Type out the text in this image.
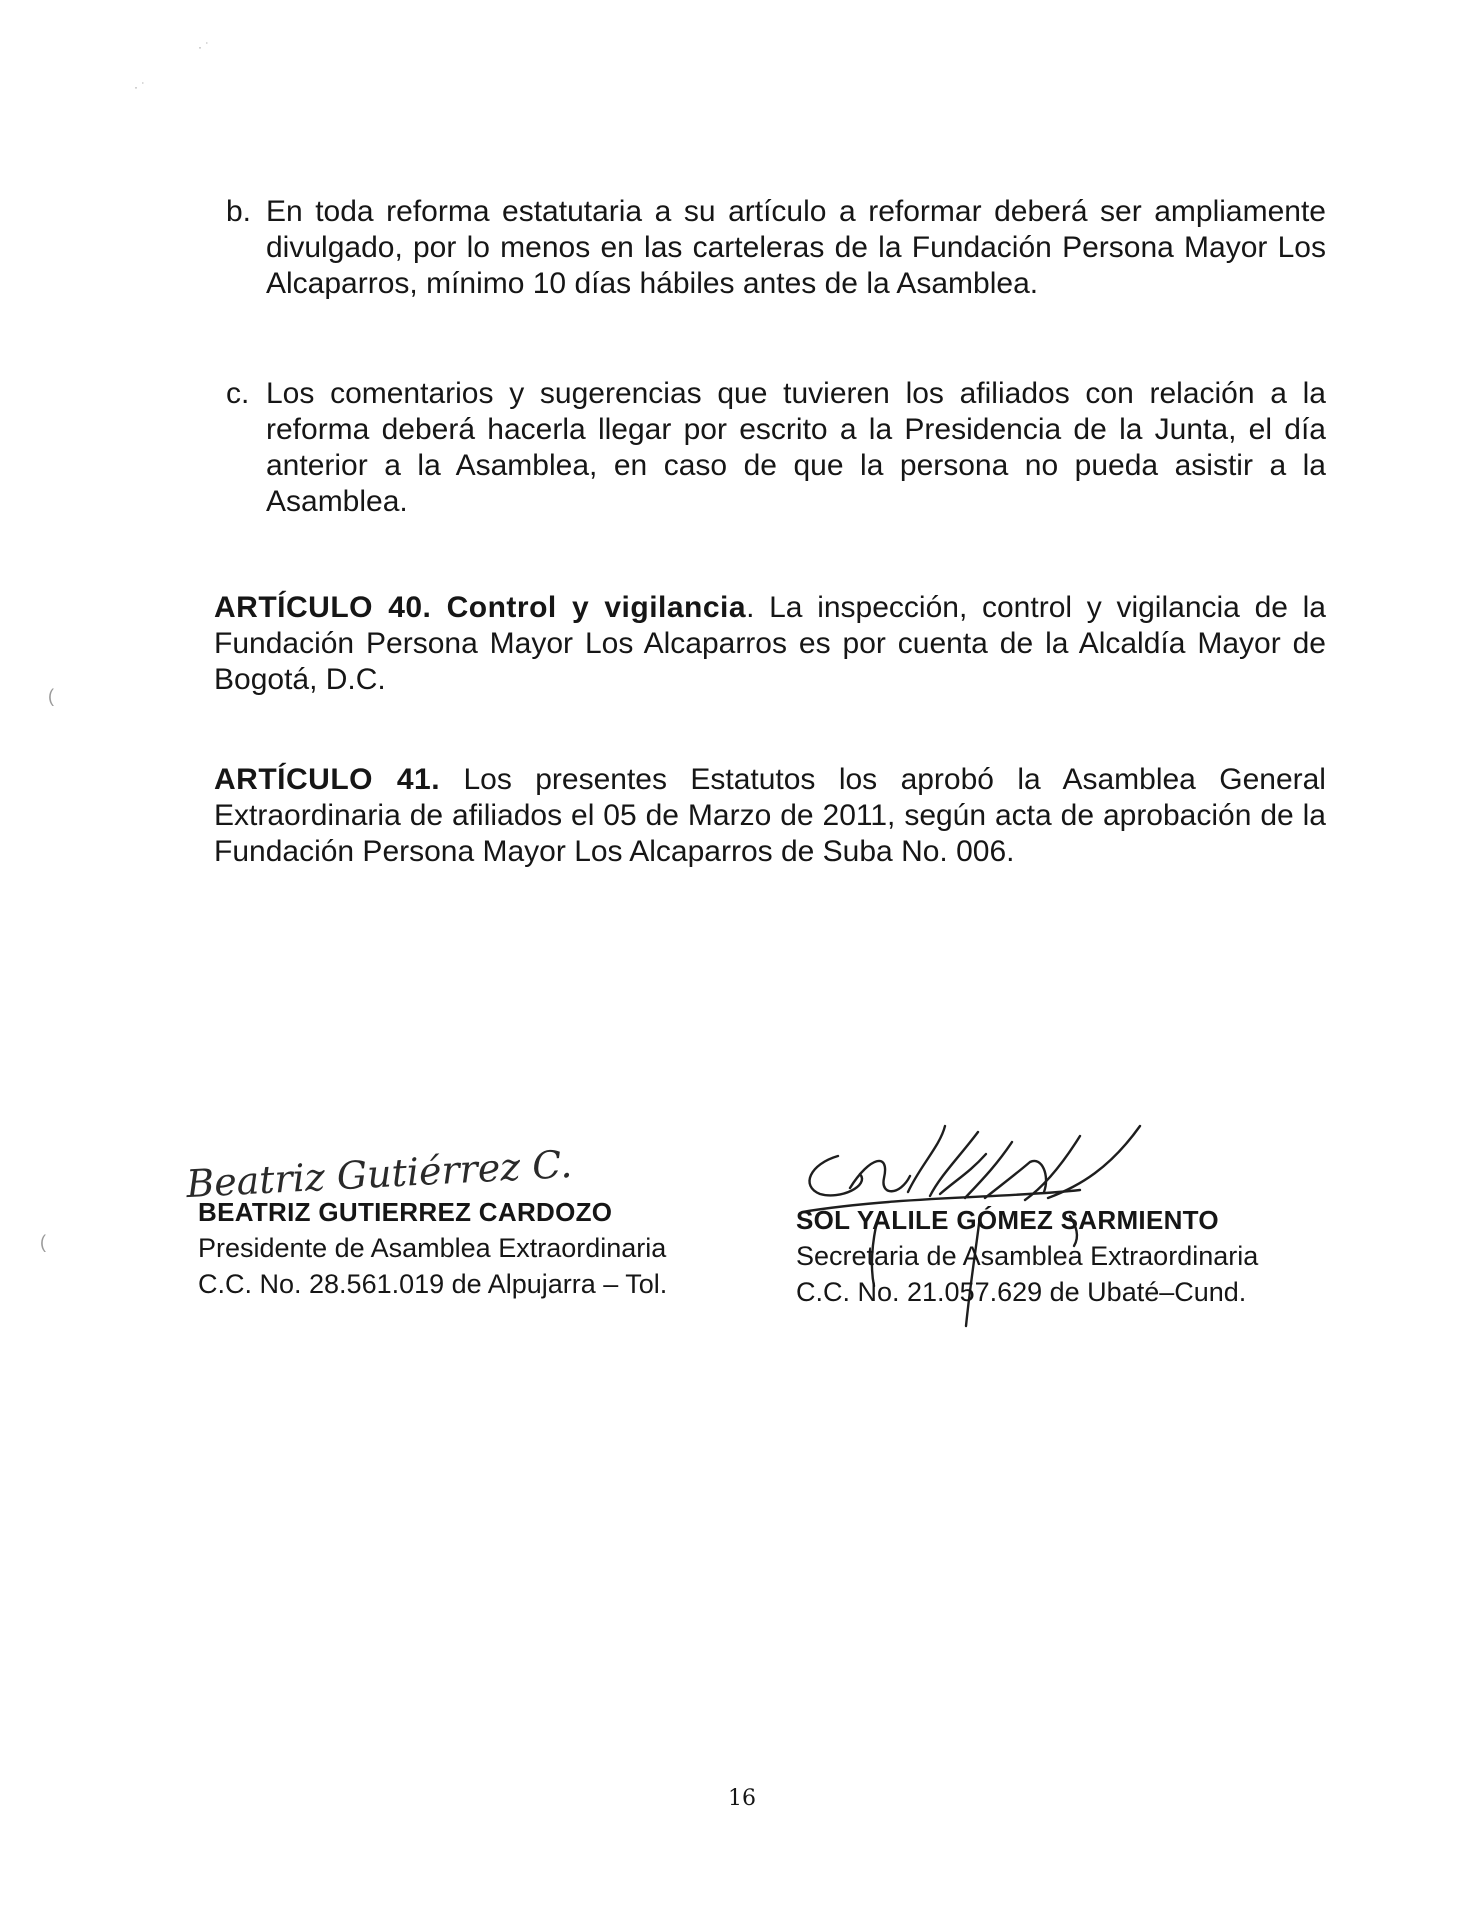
· ˙
· ˙
(
(
b. En toda reforma estatutaria a su artículo a reformar deberá ser ampliamente divulgado, por lo menos en las carteleras de la Fundación Persona Mayor Los Alcaparros, mínimo 10 días hábiles antes de la Asamblea.
c. Los comentarios y sugerencias que tuvieren los afiliados con relación a la reforma deberá hacerla llegar por escrito a la Presidencia de la Junta, el día anterior a la Asamblea, en caso de que la persona no pueda asistir a la Asamblea.
ARTÍCULO 40. Control y vigilancia. La inspección, control y vigilancia de la Fundación Persona Mayor Los Alcaparros es por cuenta de la Alcaldía Mayor de Bogotá, D.C.
ARTÍCULO 41. Los presentes Estatutos los aprobó la Asamblea General Extraordinaria de afiliados el 05 de Marzo de 2011, según acta de aprobación de la Fundación Persona Mayor Los Alcaparros de Suba No. 006.
Beatriz Gutiérrez C.
BEATRIZ GUTIERREZ CARDOZO
Presidente de Asamblea Extraordinaria
C.C. No. 28.561.019 de Alpujarra – Tol.
SOL YALILE GÓMEZ SARMIENTO
Secretaria de Asamblea Extraordinaria
C.C. No. 21.057.629 de Ubaté–Cund.
16
